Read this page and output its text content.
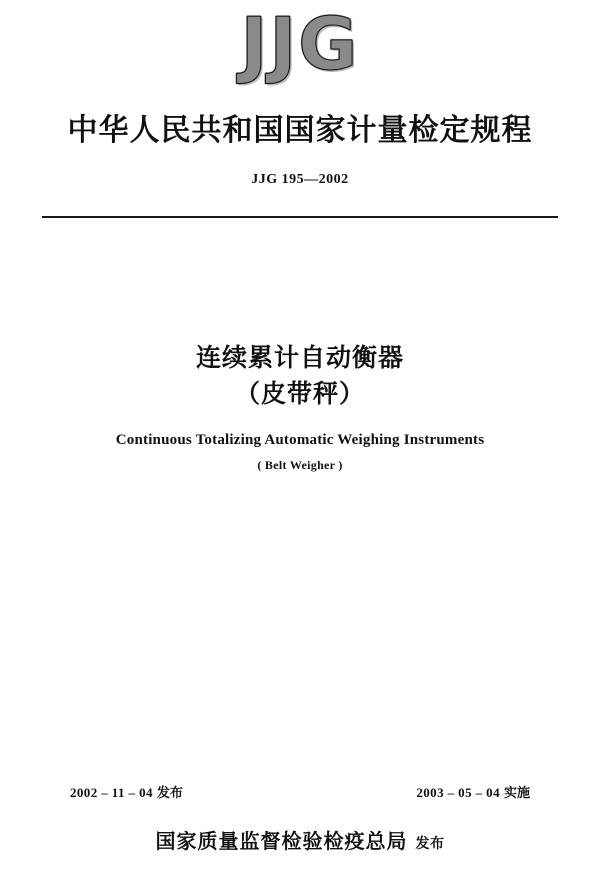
JJG
中华人民共和国国家计量检定规程
JJG 195—2002
连续累计自动衡器
（皮带秤）
Continuous Totalizing Automatic Weighing Instruments
( Belt Weigher )
2002 – 11 – 04 发布	2003 – 05 – 04 实施
国家质量监督检验检疫总局 发布
